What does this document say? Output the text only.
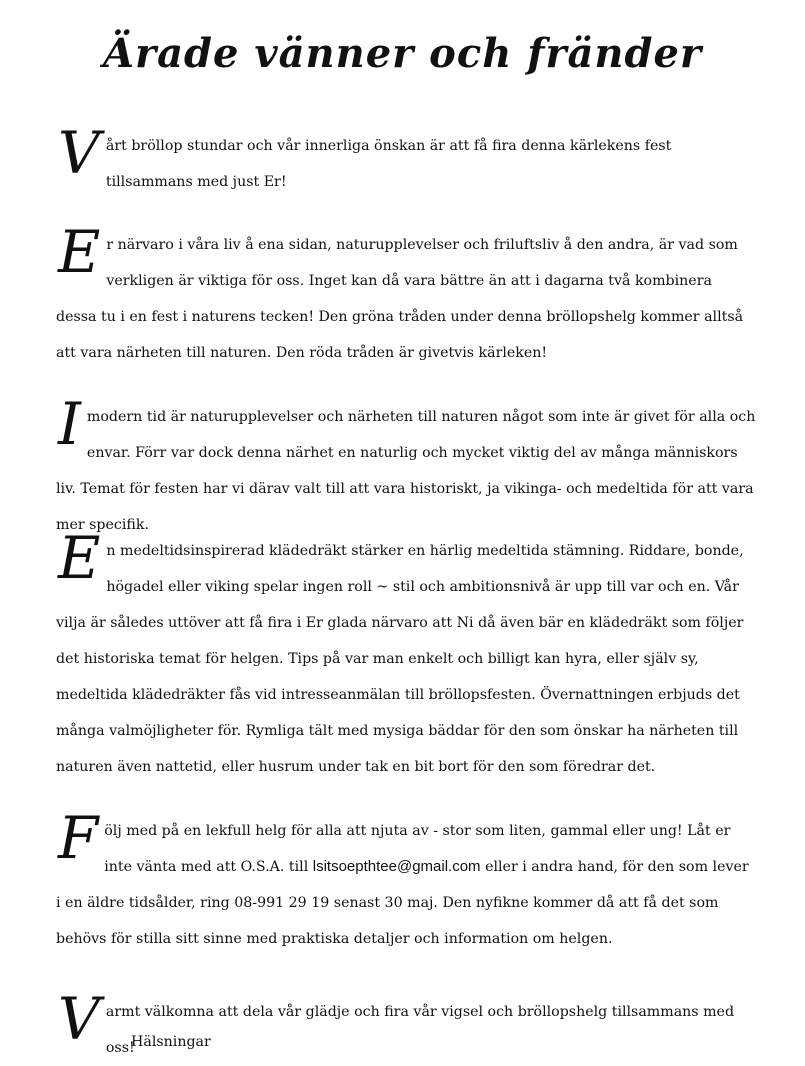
Ärade vänner och fränder

Vårt bröllop stundar och vår innerliga önskan är att få fira denna kärlekens fest tillsammans med just Er!

Er närvaro i våra liv å ena sidan, naturupplevelser och friluftsliv å den andra, är vad som verkligen är viktiga för oss. Inget kan då vara bättre än att i dagarna två kombinera dessa tu i en fest i naturens tecken! Den gröna tråden under denna bröllopshelg kommer alltså att vara närheten till naturen. Den röda tråden är givetvis kärleken!

I modern tid är naturupplevelser och närheten till naturen något som inte är givet för alla och envar. Förr var dock denna närhet en naturlig och mycket viktig del av många människors liv. Temat för festen har vi därav valt till att vara historiskt, ja vikinga- och medeltida för att vara mer specifik.

En medeltidsinspirerad klädedräkt stärker en härlig medeltida stämning. Riddare, bonde, högadel eller viking spelar ingen roll ~ stil och ambitionsnivå är upp till var och en. Vår vilja är således uttöver att få fira i Er glada närvaro att Ni då även bär en klädedräkt som följer det historiska temat för helgen. Tips på var man enkelt och billigt kan hyra, eller själv sy, medeltida klädedräkter fås vid intresseanmälan till bröllopsfesten. Övernattningen erbjuds det många valmöjligheter för. Rymliga tält med mysiga bäddar för den som önskar ha närheten till naturen även nattetid, eller husrum under tak en bit bort för den som föredrar det.

Följ med på en lekfull helg för alla att njuta av - stor som liten, gammal eller ung! Låt er inte vänta med att O.S.A. till lsitsoepthtee@gmail.com eller i andra hand, för den som lever i en äldre tidsålder, ring 08-991 29 19 senast 30 maj. Den nyfikne kommer då att få det som behövs för stilla sitt sinne med praktiska detaljer och information om helgen.

Varmt välkomna att dela vår glädje och fira vår vigsel och bröllopshelg tillsammans med oss!

Hälsningar
